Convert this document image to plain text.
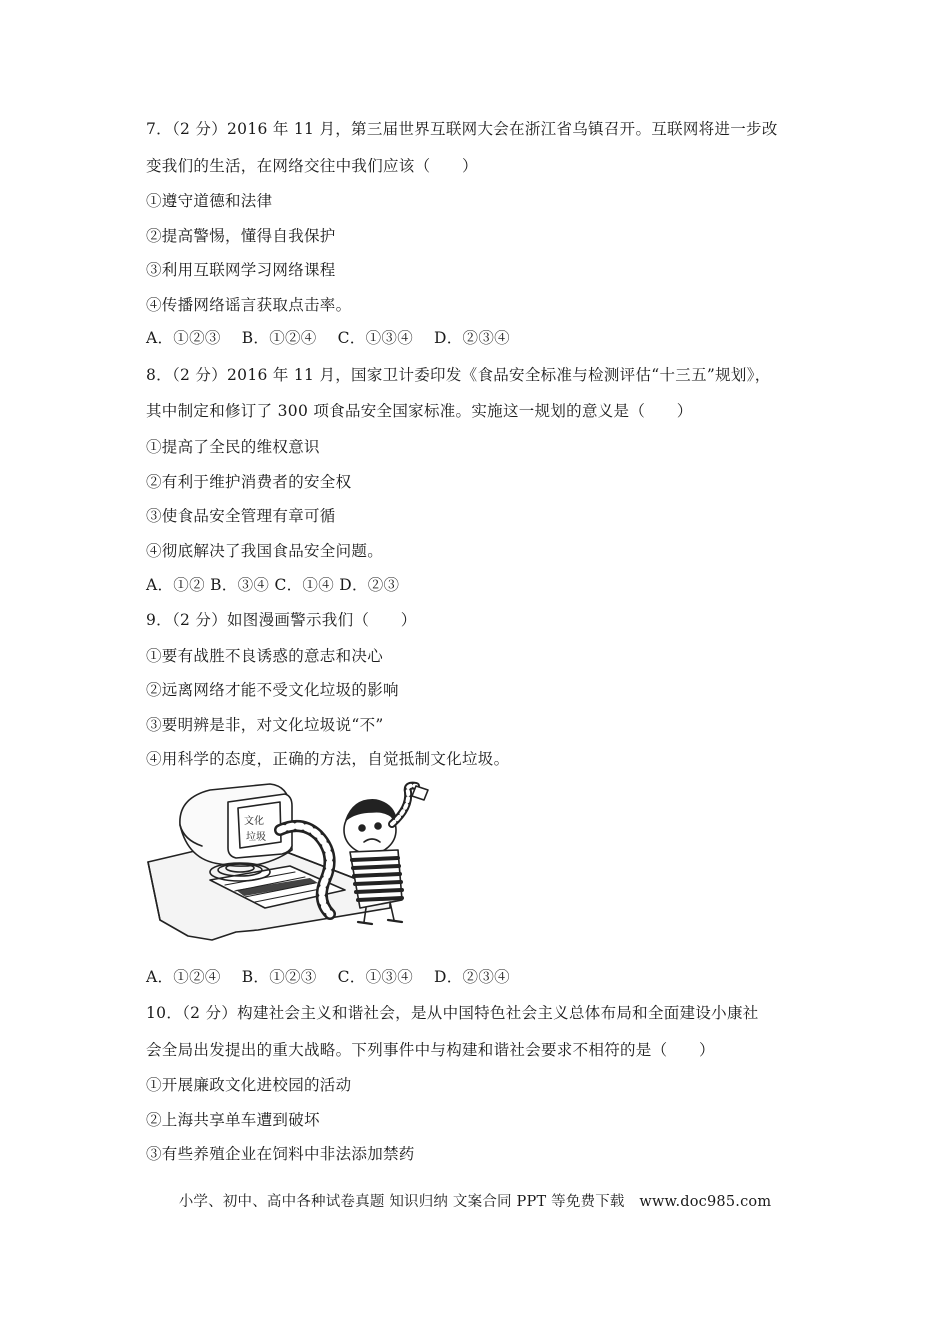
7．（2 分）2016 年 11 月，第三届世界互联网大会在浙江省乌镇召开。互联网将进一步改
变我们的生活，在网络交往中我们应该（　　）
①遵守道德和法律
②提高警惕，懂得自我保护
③利用互联网学习网络课程
④传播网络谣言获取点击率。
A．①②③　 B．①②④　 C．①③④　 D．②③④
8．（2 分）2016 年 11 月，国家卫计委印发《食品安全标准与检测评估“十三五”规划》，
其中制定和修订了 300 项食品安全国家标准。实施这一规划的意义是（　　）
①提高了全民的维权意识
②有利于维护消费者的安全权
③使食品安全管理有章可循
④彻底解决了我国食品安全问题。
A．①② B．③④ C．①④ D．②③
9．（2 分）如图漫画警示我们（　　）
①要有战胜不良诱惑的意志和决心
②远离网络才能不受文化垃圾的影响
③要明辨是非，对文化垃圾说“不”
④用科学的态度，正确的方法，自觉抵制文化垃圾。
文化
垃圾
A．①②④　 B．①②③　 C．①③④　 D．②③④
10．（2 分）构建社会主义和谐社会，是从中国特色社会主义总体布局和全面建设小康社
会全局出发提出的重大战略。下列事件中与构建和谐社会要求不相符的是（　　）
①开展廉政文化进校园的活动
②上海共享单车遭到破坏
③有些养殖企业在饲料中非法添加禁药
小学、初中、高中各种试卷真题 知识归纳 文案合同 PPT 等免费下载　www.doc985.com
